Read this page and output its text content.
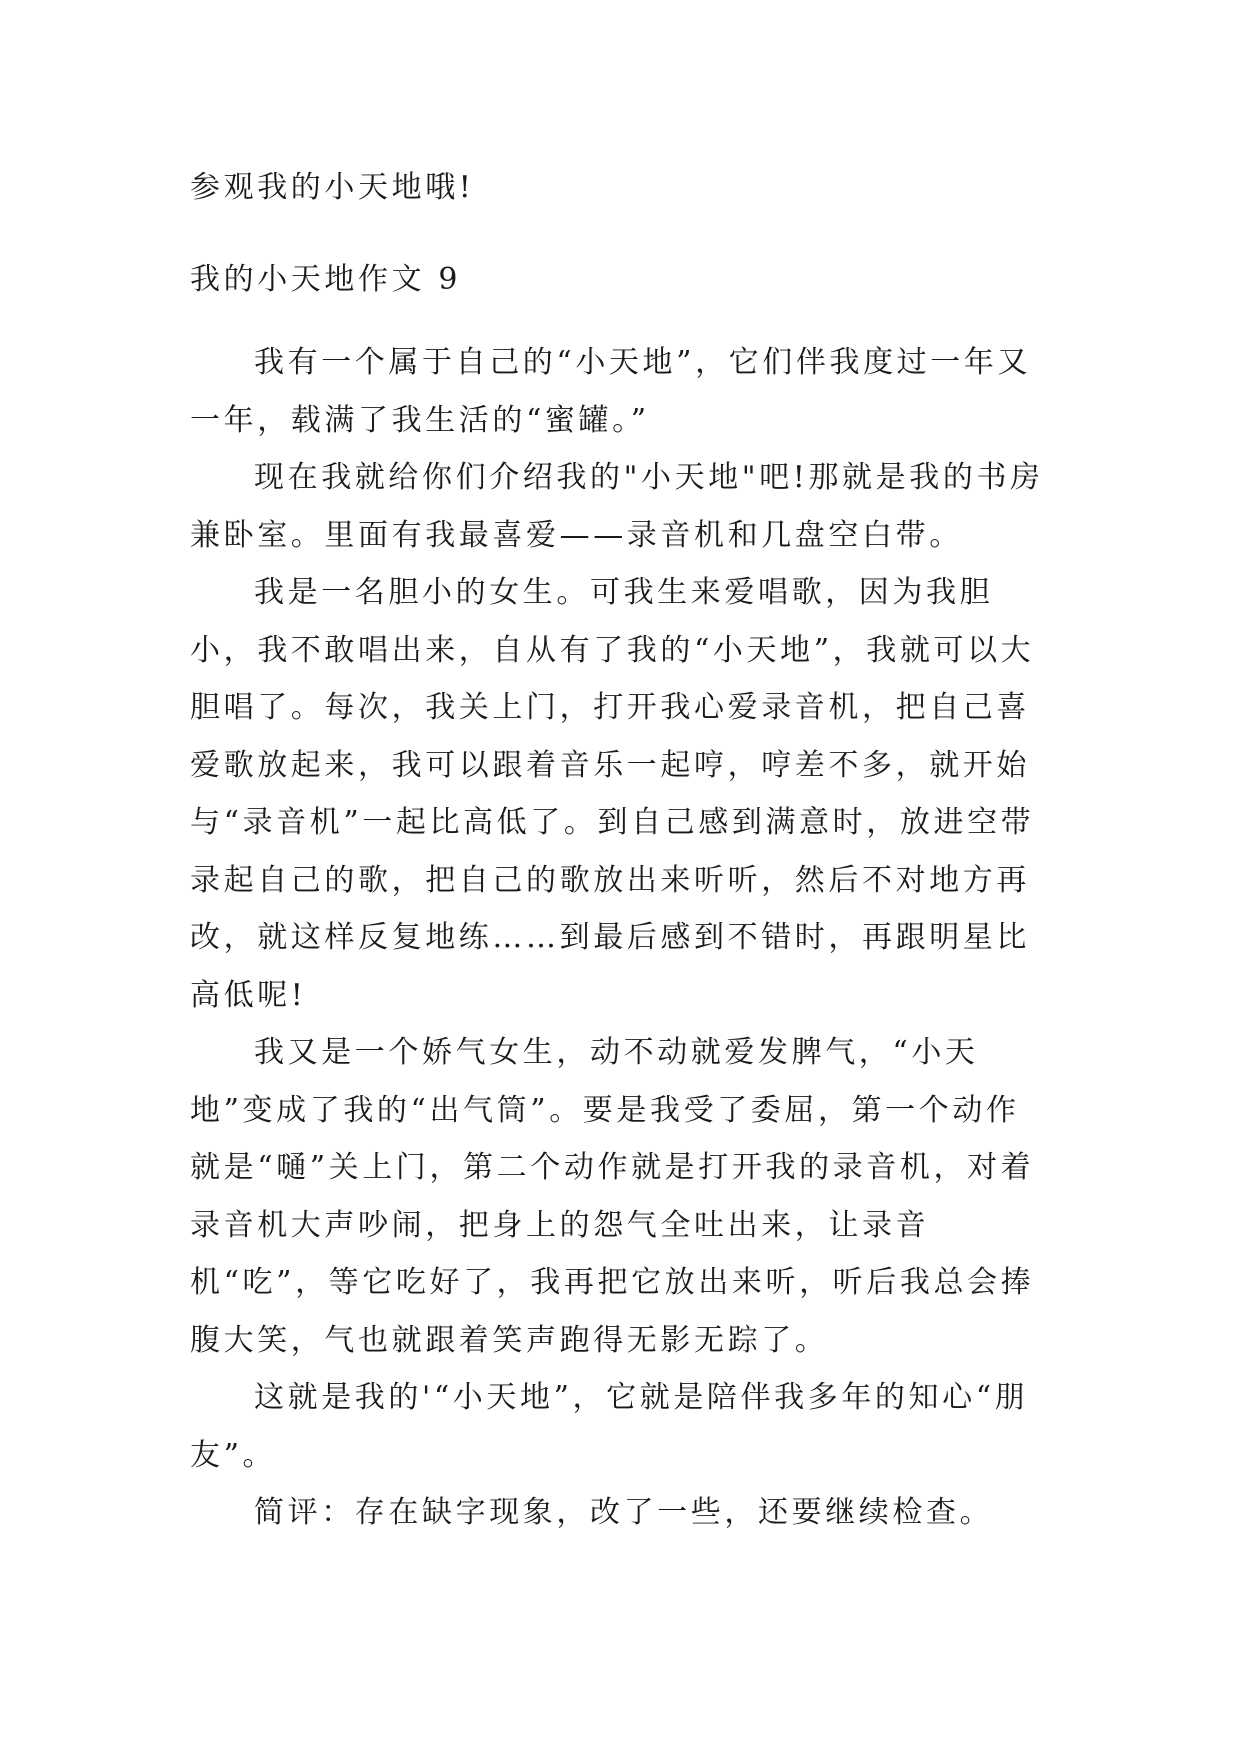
参观我的小天地哦!
我的小天地作文 9

我有一个属于自己的“小天地”，它们伴我度过一年又一年，载满了我生活的“蜜罐。”

现在我就给你们介绍我的"小天地"吧!那就是我的书房兼卧室。里面有我最喜爱——录音机和几盘空白带。

我是一名胆小的女生。可我生来爱唱歌，因为我胆小，我不敢唱出来，自从有了我的“小天地”，我就可以大胆唱了。每次，我关上门，打开我心爱录音机，把自己喜爱歌放起来，我可以跟着音乐一起哼，哼差不多，就开始与“录音机”一起比高低了。到自己感到满意时，放进空带录起自己的歌，把自己的歌放出来听听，然后不对地方再改，就这样反复地练……到最后感到不错时，再跟明星比高低呢!

我又是一个娇气女生，动不动就爱发脾气，“小天地”变成了我的“出气筒”。要是我受了委屈，第一个动作就是“嗵”关上门，第二个动作就是打开我的录音机，对着录音机大声吵闹，把身上的怨气全吐出来，让录音机“吃”，等它吃好了，我再把它放出来听，听后我总会捧腹大笑，气也就跟着笑声跑得无影无踪了。

这就是我的'“小天地”，它就是陪伴我多年的知心“朋友”。

简评：存在缺字现象，改了一些，还要继续检查。
